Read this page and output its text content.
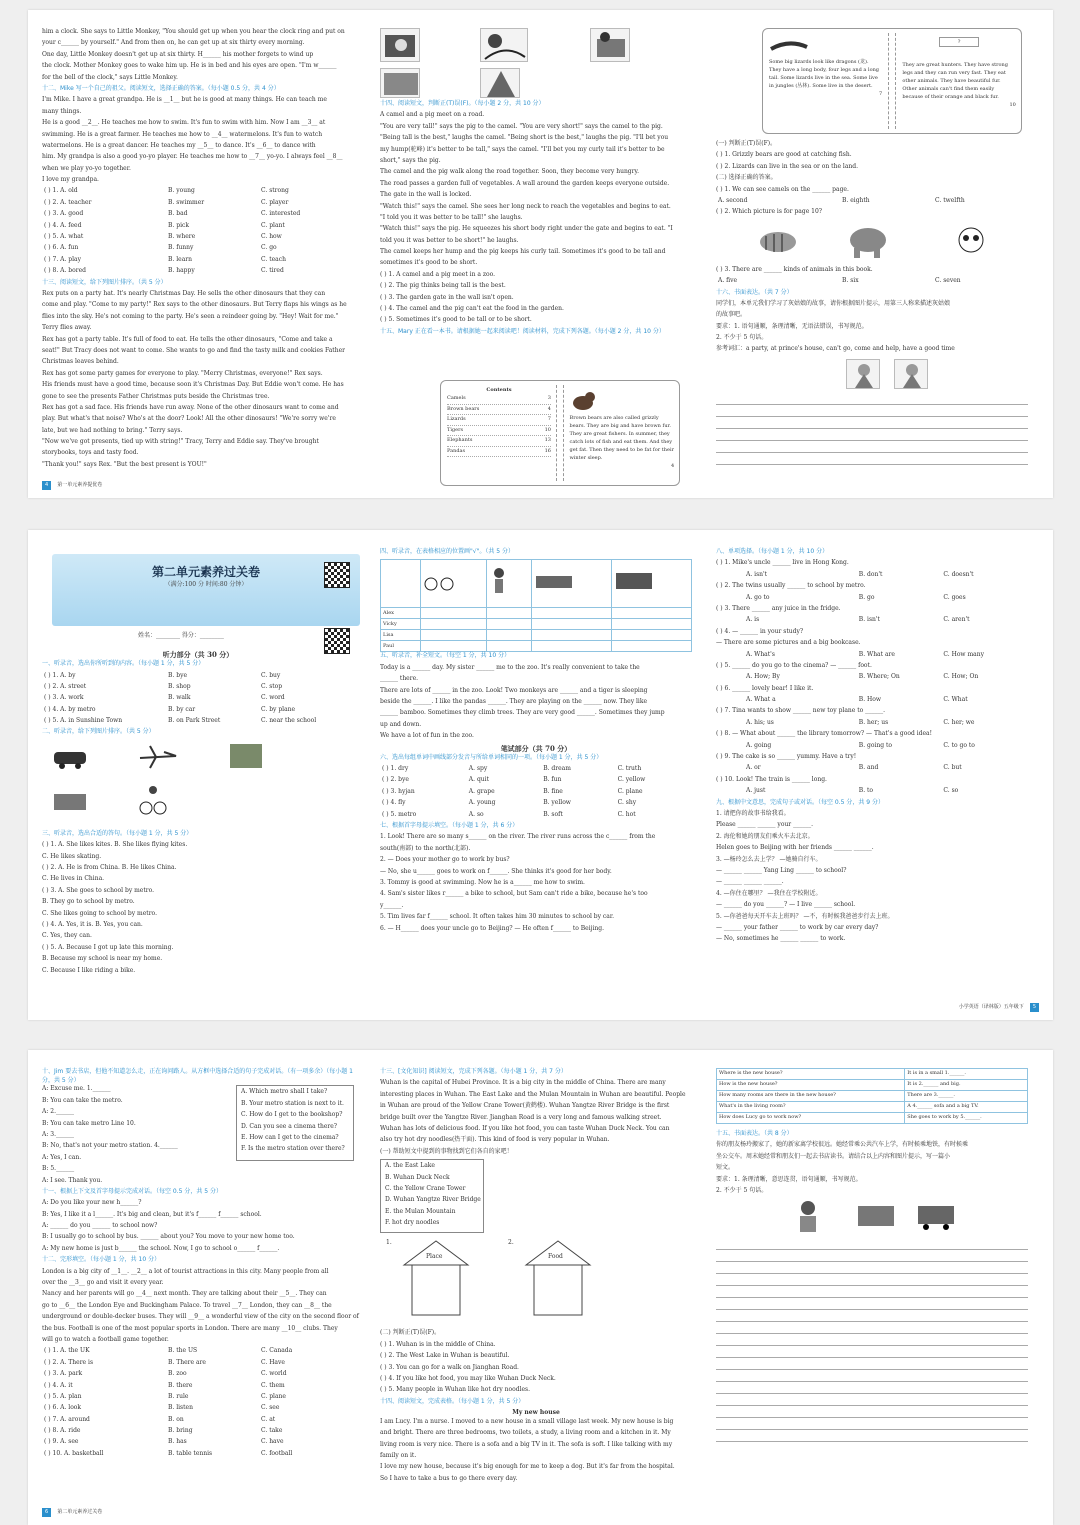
him a clock. She says to Little Monkey, "You should get up when you hear the clock ring and put on
your c______ by yourself." And from then on, he can get up at six thirty every morning.
One day, Little Monkey doesn't get up at six thirty. H______ his mother forgets to wind up
the clock. Mother Monkey goes to wake him up. He is in bed and his eyes are open. "I'm w______
for the bell of the clock," says Little Monkey.
十二、Mike 写一个自己的祖父。阅读短文，选择正确的答案。（每小题 0.5 分，共 4 分）
I'm Mike. I have a great grandpa. He is __1__ but he is good at many things. He can teach me
many things.
He is a good __2__. He teaches me how to swim. It's fun to swim with him. Now I am __3__ at
swimming. He is a great farmer. He teaches me how to __4__ watermelons. It's fun to watch
watermelons. He is a great dancer. He teaches my __5__ to dance. It's __6__ to dance with
him. My grandpa is also a good yo-yo player. He teaches me how to __7__ yo-yo. I always feel __8__
when we play yo-yo together.
I love my grandpa.
( ) 1. A. old	B. young	C. strong
( ) 2. A. teacher	B. swimmer	C. player
( ) 3. A. good	B. bad	C. interested
( ) 4. A. feed	B. pick	C. plant
( ) 5. A. what	B. where	C. how
( ) 6. A. fun	B. funny	C. go
( ) 7. A. play	B. learn	C. teach
( ) 8. A. bored	B. happy	C. tired
十三、阅读短文，给下列图片排序。（共 5 分）
Rex puts on a party hat. It's nearly Christmas Day. He sells the other dinosaurs that they can
come and play. "Come to my party!" Rex says to the other dinosaurs. But Terry flaps his wings as he
flies into the sky. He's not coming to the party. He's seen a reindeer going by. "Hey! Wait for me."
Terry flies away.
Rex has got a party table. It's full of food to eat. He tells the other dinosaurs, "Come and take a
seat!" But Tracy does not want to come. She wants to go and find the tasty milk and cookies Father
Christmas leaves behind.
Rex has got some party games for everyone to play. "Merry Christmas, everyone!" Rex says.
His friends must have a good time, because soon it's Christmas Day. But Eddie won't come. He has
gone to see the presents Father Christmas puts beside the Christmas tree.
Rex has got a sad face. His friends have run away. None of the other dinosaurs want to come and
play. But what's that noise? Who's at the door? Look! All the other dinosaurs! "We're sorry we're
late, but we had nothing to bring." Terry says.
"Now we've got presents, tied up with string!" Tracy, Terry and Eddie say. They've brought
storybooks, toys and tasty food.
"Thank you!" says Rex. "But the best present is YOU!"
4	第一单元素养提优卷
十四、阅读短文，判断正(T)误(F)。（每小题 2 分，共 10 分）
A camel and a pig meet on a road.
"You are very tall!" says the pig to the camel. "You are very short!" says the camel to the pig.
"Being tall is the best," laughs the camel. "Being short is the best," laughs the pig. "I'll bet you
my hump(驼峰) it's better to be tall," says the camel. "I'll bet you my curly tail it's better to be
short," says the pig.
The camel and the pig walk along the road together. Soon, they become very hungry.
The road passes a garden full of vegetables. A wall around the garden keeps everyone outside.
The gate in the wall is locked.
"Watch this!" says the camel. She sees her long neck to reach the vegetables and begins to eat.
"I told you it was better to be tall!" she laughs.
"Watch this!" says the pig. He squeezes his short body right under the gate and begins to eat. "I
told you it was better to be short!" he laughs.
The camel keeps her hump and the pig keeps his curly tail. Sometimes it's good to be tall and
sometimes it's good to be short.
( ) 1. A camel and a pig meet in a zoo.
( ) 2. The pig thinks being tall is the best.
( ) 3. The garden gate in the wall isn't open.
( ) 4. The camel and the pig can't eat the food in the garden.
( ) 5. Sometimes it's good to be tall or to be short.
十五、Mary 正在看一本书。请根据她一起来阅读吧！阅读材料，完成下列各题。（每小题 2 分，共 10 分）
Contents
Camels	3
Brown bears	4
Lizards	7
Tigers	10
Elephants	13
Pandas	16
Brown bears are also called grizzly bears. They are big and have brown fur. They are great fishers. In summer, they catch lots of fish and eat them. And they get fat. Then they need to be fat for their winter sleep.
4
Some big lizards look like dragons (龙). They have a long body, four legs and a long tail. Some lizards live in the sea. Some live in jungles (丛林). Some live in the desert.
7
?
They are great hunters. They have strong legs and they can run very fast. They eat other animals. They have beautiful fur. Other animals can't find them easily because of their orange and black fur.
10
(一) 判断正(T)误(F)。
( ) 1. Grizzly bears are good at catching fish.
( ) 2. Lizards can live in the sea or on the land.
(二) 选择正确的答案。
( ) 1. We can see camels on the ______ page.
A. second	B. eighth	C. twelfth
( ) 2. Which picture is for page 10?
( ) 3. There are ______ kinds of animals in this book.
A. five	B. six	C. seven
十六、书面表达。（共 7 分）
同学们，本单元我们学习了灰姑娘的故事，请你根据图片提示，用第三人称来描述灰姑娘
的故事吧。
要求：1. 语句通顺，条理清晰，无语法错误，书写规范。
2. 不少于 5 句话。
参考词汇：a party, at prince's house, can't go, come and help, have a good time
第二单元素养过关卷
（满分:100 分 时间:80 分钟）
姓名：________ 得分：________
听力部分（共 30 分）
一、听录音，选出你所听到的内容。（每小题 1 分，共 5 分）
( ) 1. A. by	B. bye	C. buy
( ) 2. A. street	B. shop	C. stop
( ) 3. A. work	B. walk	C. word
( ) 4. A. by metro	B. by car	C. by plane
( ) 5. A. in Sunshine Town	B. on Park Street	C. near the school
二、听录音，给下列图片排序。（共 5 分）
三、听录音，选出合适的答句。（每小题 1 分，共 5 分）
( ) 1. A. She likes kites. B. She likes flying kites.
C. He likes skating.
( ) 2. A. He is from China. B. He likes China.
C. He lives in China.
( ) 3. A. She goes to school by metro.
B. They go to school by metro.
C. She likes going to school by metro.
( ) 4. A. Yes, it is. B. Yes, you can.
C. Yes, they can.
( ) 5. A. Because I got up late this morning.
B. Because my school is near my home.
C. Because I like riding a bike.
四、听录音，在表格相应的位置画"√"。（共 5 分）

Alex				
Vicky				
Lisa				
Paul				
五、听录音，补全短文。（每空 1 分，共 10 分）
Today is a ______ day. My sister ______ me to the zoo. It's really convenient to take the
______ there.
There are lots of ______ in the zoo. Look! Two monkeys are ______ and a tiger is sleeping
beside the ______. I like the pandas ______. They are playing on the ______ now. They like
______ bamboo. Sometimes they climb trees. They are very good ______. Sometimes they jump
up and down.
We have a lot of fun in the zoo.
笔试部分（共 70 分）
六、选出每组单词中画线部分发音与所给单词相同的一项。（每小题 1 分，共 5 分）
( ) 1. dry	A. spy	B. dream	C. truth
( ) 2. bye	A. quit	B. fun	C. yellow
( ) 3. hyjan	A. grape	B. fine	C. plane
( ) 4. fly	A. young	B. yellow	C. shy
( ) 5. metro	A. so	B. soft	C. hot
七、根据首字母提示填空。（每小题 1 分，共 6 分）
1. Look! There are so many s______ on the river. The river runs across the c______ from the
south(南部) to the north(北部).
2. — Does your mother go to work by bus?
— No, she u______ goes to work on f______. She thinks it's good for her body.
3. Tommy is good at swimming. Now he is a______ me how to swim.
4. Sam's sister likes r______ a bike to school, but Sam can't ride a bike, because he's too
y______.
5. Tim lives far f______ school. It often takes him 30 minutes to school by car.
6. — H______ does your uncle go to Beijing? — He often f______ to Beijing.
八、单项选择。（每小题 1 分，共 10 分）
( ) 1. Mike's uncle ______ live in Hong Kong.
A. isn't	B. don't	C. doesn't
( ) 2. The twins usually ______ to school by metro.
A. go to	B. go	C. goes
( ) 3. There ______ any juice in the fridge.
A. is	B. isn't	C. aren't
( ) 4. — ______ in your study?
— There are some pictures and a big bookcase.
A. What's	B. What are	C. How many
( ) 5. ______ do you go to the cinema? — ______ foot.
A. How; By	B. Where; On	C. How; On
( ) 6. ______ lovely bear! I like it.
A. What a	B. How	C. What
( ) 7. Tina wants to show ______ new toy plane to ______.
A. his; us	B. her; us	C. her; we
( ) 8. — What about ______ the library tomorrow? — That's a good idea!
A. going	B. going to	C. to go to
( ) 9. The cake is so ______ yummy. Have a try!
A. or	B. and	C. but
( ) 10. Look! The train is ______ long.
A. just	B. to	C. so
九、根据中文意思，完成句子或对话。（每空 0.5 分，共 9 分）
1. 请把你的故事书给我看。
Please ______ ______ your ______.
2. 海伦和她的朋友们乘火车去北京。
Helen goes to Beijing with her friends ______ ______.
3. —杨玲怎么去上学？ —她骑自行车。
— ______ ______ Yang Ling ______ to school?
— ______ ______ ______.
4. —你住在哪里？ —我住在学校附近。
— ______ do you ______? — I live ______ school.
5. —你爸爸每天开车去上班吗？ —不，有时候我爸爸步行去上班。
— ______ your father ______ to work by car every day?
— No, sometimes he ______ ______ to work.
小学英语（译林版）五年级下	5
十、Jim 要去书店，但他不知道怎么走，正在询问路人。从方框中选择合适的句子完成对话。（有一项多余）（每小题 1 分，共 5 分）
A: Excuse me. 1.______
B: You can take the metro.
A: 2.______
B: You can take metro Line 10.
A: 3.______
B: No, that's not your metro station. 4.______
A: Yes, I can.
B: 5.______
A: I see. Thank you.
A. Which metro shall I take?
B. Your metro station is next to it.
C. How do I get to the bookshop?
D. Can you see a cinema there?
E. How can I get to the cinema?
F. Is the metro station over there?
十一、根据上下文及首字母提示完成对话。（每空 0.5 分，共 5 分）
A: Do you like your new h______?
B: Yes, I like it a l______. It's big and clean, but it's f______ f______ school.
A: ______ do you ______ to school now?
B: I usually go to school by bus. ______ about you? You move to your new home too.
A: My new home is just b______ the school. Now, I go to school o______ f______.
十二、完形填空。（每小题 1 分，共 10 分）
London is a big city of __1__. __2__ a lot of tourist attractions in this city. Many people from all
over the __3__ go and visit it every year.
Nancy and her parents will go __4__ next month. They are talking about their __5__. They can
go to __6__ the London Eye and Buckingham Palace. To travel __7__ London, they can __8__ the
underground or double-decker buses. They will __9__ a wonderful view of the city on the second floor of
the bus. Football is one of the most popular sports in London. There are many __10__ clubs. They
will go to watch a football game together.
( ) 1. A. the UK	B. the US	C. Canada
( ) 2. A. There is	B. There are	C. Have
( ) 3. A. park	B. zoo	C. world
( ) 4. A. it	B. there	C. them
( ) 5. A. plan	B. rule	C. plane
( ) 6. A. look	B. listen	C. see
( ) 7. A. around	B. on	C. at
( ) 8. A. ride	B. bring	C. take
( ) 9. A. see	B. has	C. have
( ) 10. A. basketball	B. table tennis	C. football
6	第二单元素养过关卷
十三、[文化知识] 阅读短文，完成下列各题。（每小题 1 分，共 7 分）
Wuhan is the capital of Hubei Province. It is a big city in the middle of China. There are many
interesting places in Wuhan. The East Lake and the Mulan Mountain in Wuhan are beautiful. People
in Wuhan are proud of the Yellow Crane Tower(黄鹤楼). Wuhan Yangtze River Bridge is the first
bridge built over the Yangtze River. Jianghan Road is a very long and famous walking street.
Wuhan has lots of delicious food. If you like hot food, you can taste Wuhan Duck Neck. You can
also try hot dry noodles(热干面). This kind of food is very popular in Wuhan.
(一) 帮助短文中提到的事物找到它们各自的家吧！
A. the East Lake
B. Wuhan Duck Neck
C. the Yellow Crane Tower
D. Wuhan Yangtze River Bridge
E. the Mulan Mountain
F. hot dry noodles
1.
Place
2.
Food
(二) 判断正(T)误(F)。
( ) 1. Wuhan is in the middle of China.
( ) 2. The West Lake in Wuhan is beautiful.
( ) 3. You can go for a walk on Jianghan Road.
( ) 4. If you like hot food, you may like Wuhan Duck Neck.
( ) 5. Many people in Wuhan like hot dry noodles.
十四、阅读短文，完成表格。（每小题 1 分，共 5 分）
My new house
I am Lucy. I'm a nurse. I moved to a new house in a small village last week. My new house is big
and bright. There are three bedrooms, two toilets, a study, a living room and a kitchen in it. My
living room is very nice. There is a sofa and a big TV in it. The sofa is soft. I like talking with my
family on it.
I love my new house, because it's big enough for me to keep a dog. But it's far from the hospital.
So I have to take a bus to go there every day.
Where is the new house?	It is in a small 1.______.
How is the new house?	It is 2.______ and big.
How many rooms are there in the new house?	There are 3.______.
What's in the living room?	A 4.______ sofa and a big TV.
How does Lucy go to work now?	She goes to work by 5.______.
十五、书面表达。（共 8 分）
你的朋友杨玲搬家了，她的新家离学校很远。她经常乘公共汽车上学，有时候乘地铁，有时候乘
坐公交车。周末她经常和朋友们一起去书店读书。请结合以上内容和图片提示，写一篇小
短文。
要求：1. 条理清晰，意思连贯，语句通顺，书写规范。
2. 不少于 5 句话。
